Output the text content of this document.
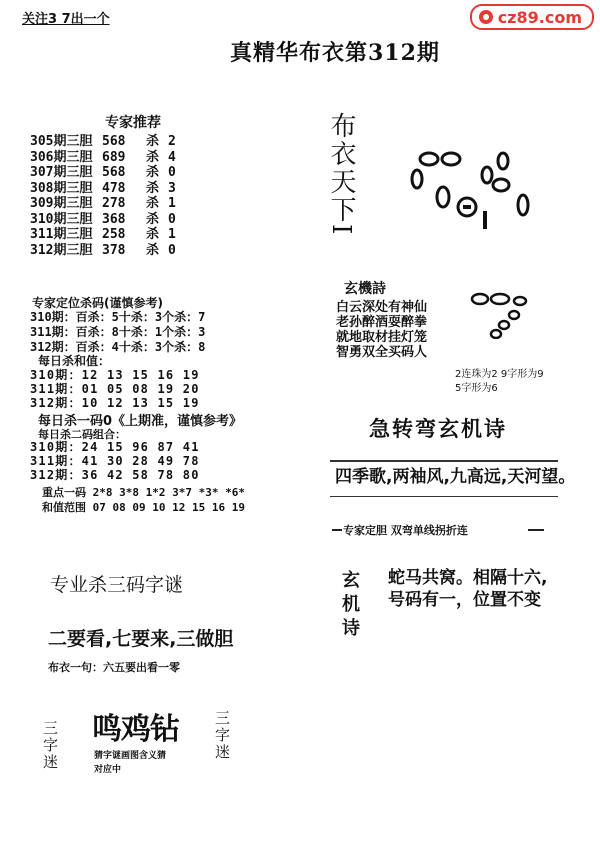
关注3 7出一个
真精华布衣第312期
cz89.com
专家推荐
305期三胆 568 杀 2
306期三胆 689 杀 4
307期三胆 568 杀 0
308期三胆 478 杀 3
309期三胆 278 杀 1
310期三胆 368 杀 0
311期三胆 258 杀 1
312期三胆 378 杀 0
专家定位杀码(谨慎参考)
310期：百杀：5十杀：3个杀：7
311期：百杀：8十杀：1个杀：3
312期：百杀：4十杀：3个杀：8
每日杀和值：
310期：12 13 15 16 19
311期：01 05 08 19 20
312期：10 12 13 15 19
每日杀一码0《上期准，谨慎参考》
每日杀二码组合：
310期：24 15 96 87 41
311期：41 30 28 49 78
312期：36 42 58 78 80
重点一码 2*8 3*8 1*2 3*7 *3* *6*
和值范围 07 08 09 10 12 15 16 19
专业杀三码字谜
二要看,七要来,三做胆
布衣一句：六五要出看一零
三字迷 鸣鸡钻 三字迷
猜字谜画图含义猜
对应中
布衣天下I
玄機詩
白云深处有神仙
老孙醉酒耍醉拳
就地取材挂灯笼
智勇双全买码人
2连珠为2 9字形为9
5字形为6
急转弯玄机诗
四季歌,两袖风,九高远,天河望。
专家定胆 双弯单线拐折连
玄机诗 蛇马共窝。相隔十六,
号码有一，位置不变
